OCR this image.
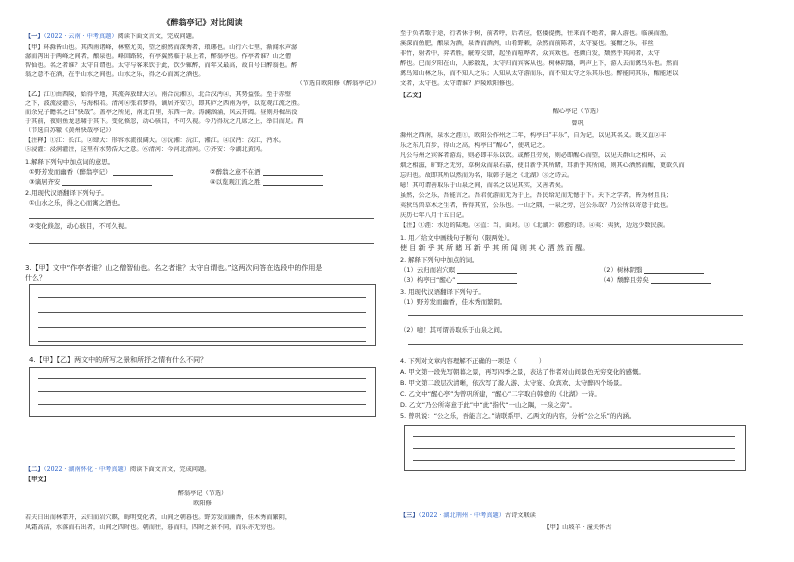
《醉翁亭记》对比阅读
【一】（2022 · 云南 · 中考真题）阅读下面文言文，完成问题。
【甲】环滁皆山也。其西南诸峰，林壑尤美，望之蔚然而深秀者，琅琊也。山行六七里，渐闻水声潺
潺而泻出于两峰之间者，酿泉也。峰回路转，有亭翼然临于泉上者，醉翁亭也。作亭者谁？山之僧
智仙也。名之者谁？太守自谓也。太守与客来饮于此，饮少辄醉，而年又最高，故自号曰醉翁也。醉
翁之意不在酒，在乎山水之间也。山水之乐，得之心而寓之酒也。
（节选自欧阳修《醉翁亭记》）
【乙】江①由西陵，始得平地，其流奔放肆大②。南合沅湘③，北合汉沔④，其势益张。至于赤壁
之下，波流浸灌⑤，与海相若。清河⑥张君梦得，谪居齐安⑦，即其庐之西南为亭，以览观江流之胜。
而余兄子瞻名之曰“快哉”。盖亭之所见，南北百里，东西一舍。涛澜汹涌，风云开阖。昼则舟楫出没
于其前，夜则鱼龙悲啸于其下。变化倏忽，动心骇目，不可久视。今乃得玩之几席之上，举目而足。西
（节选自苏辙《黄州快哉亭记》）
【注释】①江：长江。②肆大：形容水流很阔大。③沅湘：沅江，湘江。④汉沔：汉江，沔水。
⑤浸灌：浸润灌注，这里有水势浩大之意。⑥清河：今河北清河。⑦齐安：今湖北黄冈。
1.解释下列句中加点词的意思。
①野芳发而幽香（醉翁亭记）	②醉翁之意不在酒
③谪居齐安	④以览观江流之胜
2.用现代汉语翻译下列句子。
①山水之乐，得之心而寓之酒也。
②变化倏忽，动心骇目，不可久视。
3.【甲】文中“作亭者谁？山之僧智仙也。名之者谁？太守自谓也。”这两次问答在选段中的作用是
什么？
4.【甲】【乙】两文中的所写之景和所抒之情有什么不同？
【二】（2022 · 湖南怀化 · 中考真题）阅读下面文言文，完成问题。
【甲文】
醉翁亭记（节选）
欧阳修
若夫日出而林霏开，云归而岩穴暝，晦明变化者，山间之朝暮也。野芳发而幽香，佳木秀而繁阴，
风霜高洁，水落而石出者，山间之四时也。朝而往，暮而归，四时之景不同，而乐亦无穷也。
至于负者歌于途，行者休于树，前者呼，后者应，伛偻提携，往来而不绝者，滁人游也。临溪而渔，
溪深而鱼肥，酿泉为酒，泉香而酒洌，山肴野蔌，杂然而前陈者，太守宴也。宴酣之乐，非丝
非竹，射者中，弈者胜，觥筹交错，起坐而喧哗者，众宾欢也。苍颜白发，颓然乎其间者，太守
醉也。已而夕阳在山，人影散乱，太守归而宾客从也。树林阴翳，鸣声上下，游人去而禽鸟乐也。然而
禽鸟知山林之乐，而不知人之乐；人知从太守游而乐，而不知太守之乐其乐也。醉能同其乐，醒能述以
文者，太守也。太守谓谁？庐陵欧阳修也。
【乙文】
醒心亭记（节选）
曾巩
滁州之西南，泉水之涯①，欧阳公作州之二年，构亭曰“丰乐”，自为记，以见其名义。既又直②丰
乐之东几百步，得山之高，构亭曰“醒心”，使巩记之。
凡公与州之宾客者游焉，则必即丰乐以饮。或醉且劳矣，则必即醒心而望，以见夫群山之相环，云
烟之相滋，旷野之无穷，草树众而泉石嘉，使目新乎其所睹，耳新乎其所闻，则其心洒然而醒，更欲久而
忘归也。故即其所以然而为名，取韩子退之《北湖》③之诗云。
噫！其可谓善取乐于山泉之间，而名之以见其实，又善者矣。
虽然，公之乐，吾能言之。吾君优游而无为于上，吾民给足而无憾于下。天下之学者，皆为材且良；
夷狄鸟兽草木之生者，皆得其宜，公乐也。一山之隅，一泉之旁，岂公乐哉？乃公所以寄意于此也。
庆历七年八月十五日记。
【注】①涯：水边的陆地。②直：当，面对。③《北湖》：韩愈的诗。④夷：夷狄，边远少数民族。
1. 用／给文中画线句子断句（限两处）。
使 目 新 乎 其 所 睹 耳 新 乎 其 所 闻 则 其 心 洒 然 而 醒。
2. 解释下列句中加点的词。
（1）云归而岩穴暝	（2）树林阴翳
（3）构亭曰“醒心”	（4）颓醉且劳矣
3. 用现代汉语翻译下列句子。
（1）野芳发而幽香，佳木秀而繁阴。
（2）噫！其可谓善取乐于山泉之间。
4. 下列对文章内容理解不正确的一项是（	）
A. 甲文第一段先写朝暮之景，再写四季之景，表达了作者对山间景色无穷变化的感慨。
B. 甲文第二段层次清晰，依次写了滁人游、太守宴、众宾欢、太守醉四个场景。
C. 乙文中“醒心亭”为曾巩所建，“醒心”二字取自韩愈的《北湖》一诗。
D. 乙文“乃公所寄意于此”中“此”指代“一山之隅，一泉之旁”。
5. 曾巩说：“公之乐，吾能言之。”请联系甲、乙两文的内容，分析“公之乐”的内涵。
【三】（2022 · 湖北荆州 · 中考真题）古诗文联读
【甲】山坡羊 · 潼关怀古
